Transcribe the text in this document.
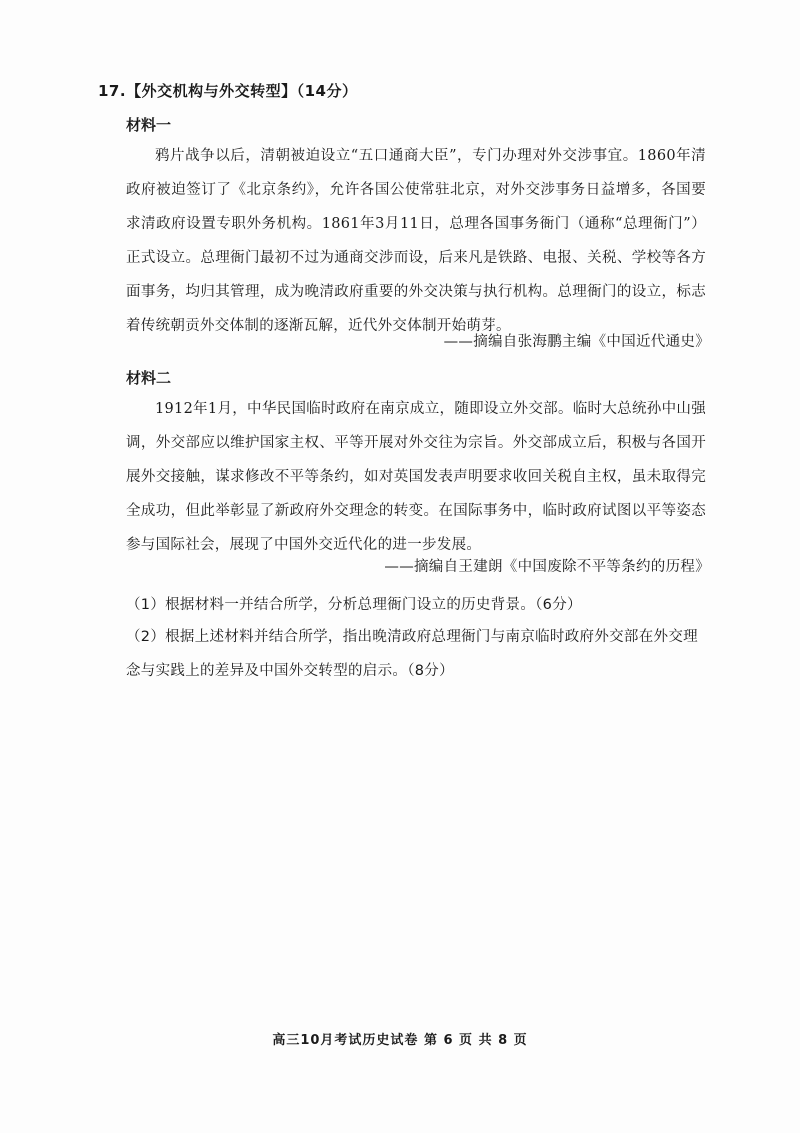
17.【外交机构与外交转型】（14分）
材料一
鸦片战争以后，清朝被迫设立“五口通商大臣”，专门办理对外交涉事宜。1860年清政府被迫签订了《北京条约》，允许各国公使常驻北京，对外交涉事务日益增多，各国要求清政府设置专职外务机构。1861年3月11日，总理各国事务衙门（通称“总理衙门”）正式设立。总理衙门最初不过为通商交涉而设，后来凡是铁路、电报、关税、学校等各方面事务，均归其管理，成为晚清政府重要的外交决策与执行机构。总理衙门的设立，标志着传统朝贡外交体制的逐渐瓦解，近代外交体制开始萌芽。
——摘编自张海鹏主编《中国近代通史》
材料二
1912年1月，中华民国临时政府在南京成立，随即设立外交部。临时大总统孙中山强调，外交部应以维护国家主权、平等开展对外交往为宗旨。外交部成立后，积极与各国开展外交接触，谋求修改不平等条约，如对英国发表声明要求收回关税自主权，虽未取得完全成功，但此举彰显了新政府外交理念的转变。在国际事务中，临时政府试图以平等姿态参与国际社会，展现了中国外交近代化的进一步发展。
——摘编自王建朗《中国废除不平等条约的历程》
（1）根据材料一并结合所学，分析总理衙门设立的历史背景。（6分）
（2）根据上述材料并结合所学，指出晚清政府总理衙门与南京临时政府外交部在外交理念与实践上的差异及中国外交转型的启示。（8分）
高三10月考试历史试卷 第 6 页 共 8 页
